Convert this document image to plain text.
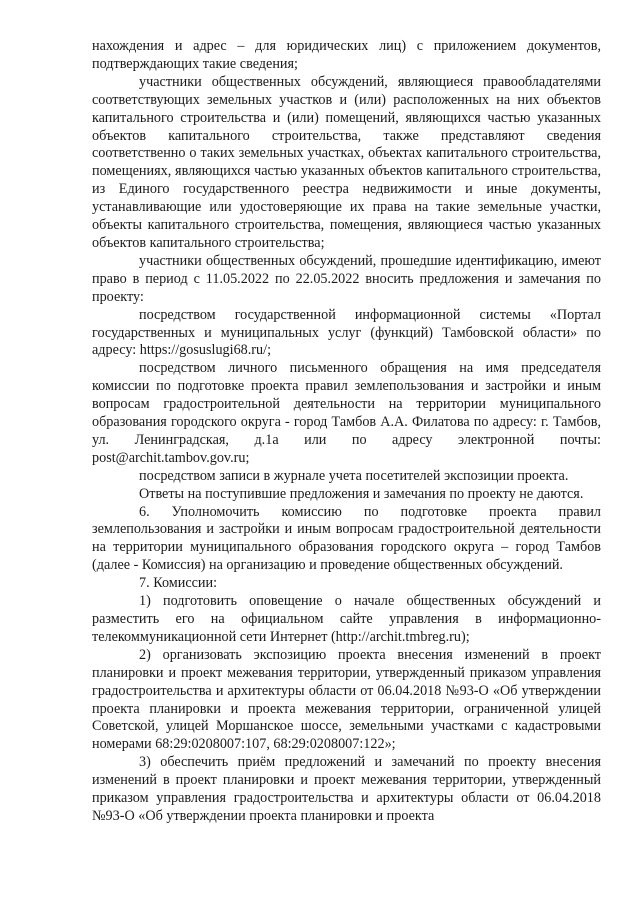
нахождения и адрес – для юридических лиц) с приложением документов, подтверждающих такие сведения;

участники общественных обсуждений, являющиеся правообладателями соответствующих земельных участков и (или) расположенных на них объектов капитального строительства и (или) помещений, являющихся частью указанных объектов капитального строительства, также представляют сведения соответственно о таких земельных участках, объектах капитального строительства, помещениях, являющихся частью указанных объектов капитального строительства, из Единого государственного реестра недвижимости и иные документы, устанавливающие или удостоверяющие их права на такие земельные участки, объекты капитального строительства, помещения, являющиеся частью указанных объектов капитального строительства;

участники общественных обсуждений, прошедшие идентификацию, имеют право в период с 11.05.2022 по 22.05.2022 вносить предложения и замечания по проекту:

посредством государственной информационной системы «Портал государственных и муниципальных услуг (функций) Тамбовской области» по адресу: https://gosuslugi68.ru/;

посредством личного письменного обращения на имя председателя комиссии по подготовке проекта правил землепользования и застройки и иным вопросам градостроительной деятельности на территории муниципального образования городского округа - город Тамбов А.А. Филатова по адресу: г. Тамбов, ул. Ленинградская, д.1а или по адресу электронной почты: post@archit.tambov.gov.ru;

посредством записи в журнале учета посетителей экспозиции проекта.

Ответы на поступившие предложения и замечания по проекту не даются.

6. Уполномочить комиссию по подготовке проекта правил землепользования и застройки и иным вопросам градостроительной деятельности на территории муниципального образования городского округа – город Тамбов (далее - Комиссия) на организацию и проведение общественных обсуждений.

7. Комиссии:

1) подготовить оповещение о начале общественных обсуждений и разместить его на официальном сайте управления в информационно-телекоммуникационной сети Интернет (http://archit.tmbreg.ru);

2) организовать экспозицию проекта внесения изменений в проект планировки и проект межевания территории, утвержденный приказом управления градостроительства и архитектуры области от 06.04.2018 №93-О «Об утверждении проекта планировки и проекта межевания территории, ограниченной улицей Советской, улицей Моршанское шоссе, земельными участками с кадастровыми номерами 68:29:0208007:107, 68:29:0208007:122»;

3) обеспечить приём предложений и замечаний по проекту внесения изменений в проект планировки и проект межевания территории, утвержденный приказом управления градостроительства и архитектуры области от 06.04.2018 №93-О «Об утверждении проекта планировки и проекта
